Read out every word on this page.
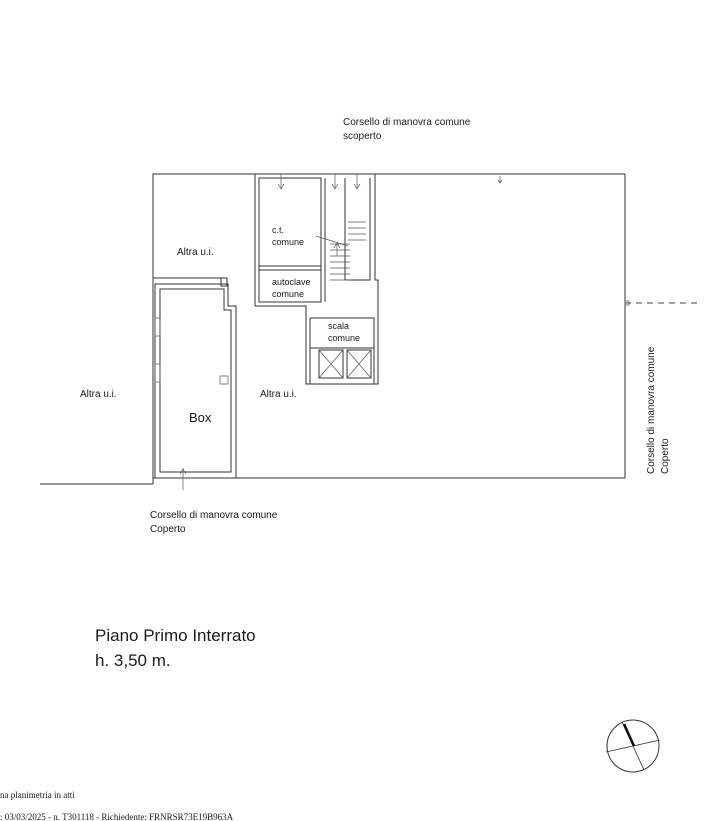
Corsello di manovra comune
scoperto
Altra u.i.
Altra u.i.	Altra u.i.
c.t.
comune
autoclave
comune
scala
comune
Box
Corsello di manovra comune
Coperto
Corsello di manovra comune Coperto
Piano Primo Interrato
h. 3,50 m.
na planimetria in atti
: 03/03/2025 - n. T301118 - Richiedente: FRNRSR73E19B963A
